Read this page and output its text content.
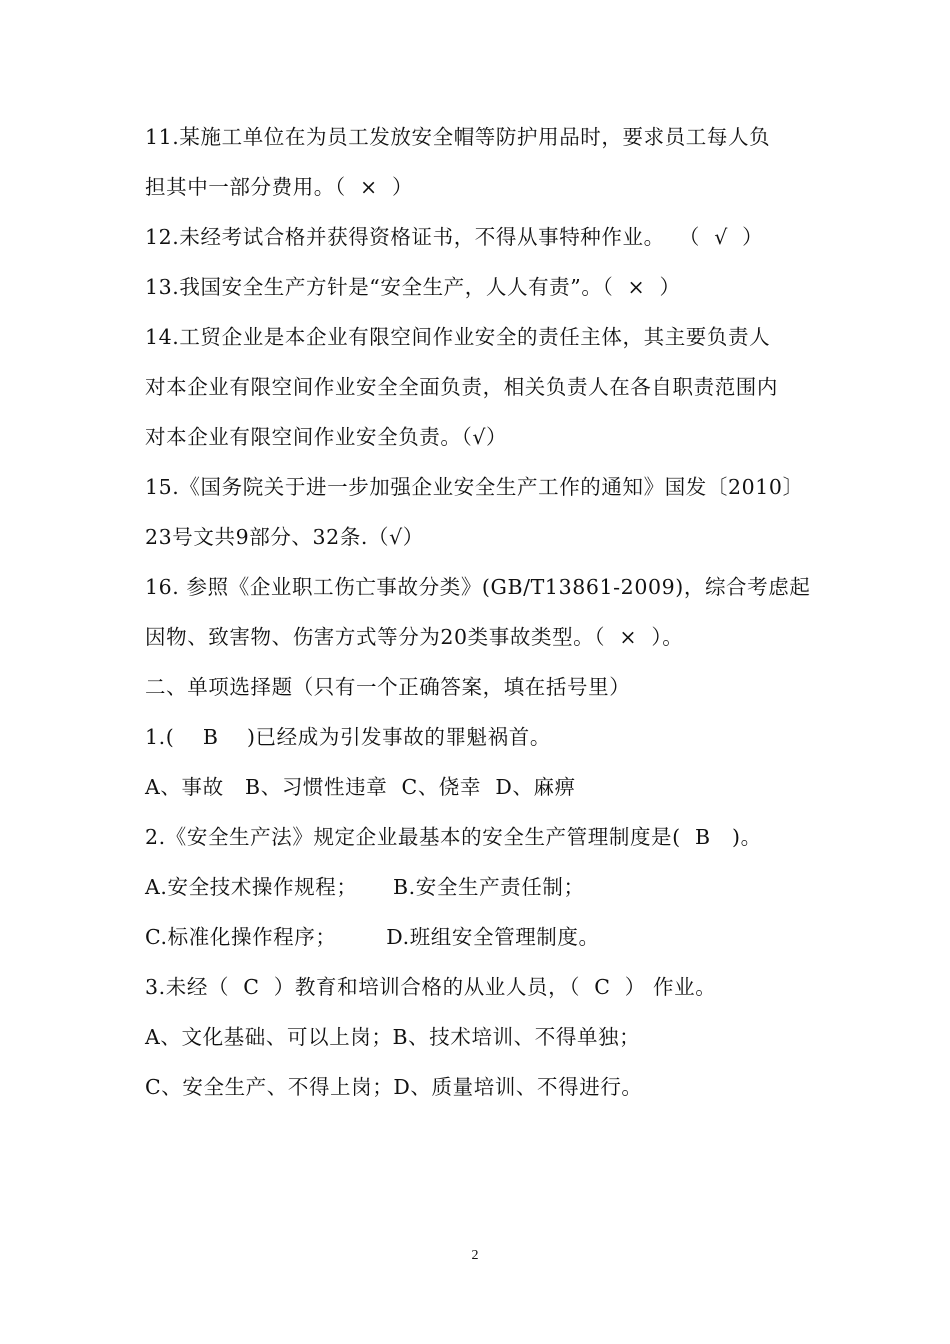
11.某施工单位在为员工发放安全帽等防护用品时，要求员工每人负
担其中一部分费用。（  ×  ）
12.未经考试合格并获得资格证书，不得从事特种作业。  （  √  ）
13.我国安全生产方针是“安全生产，人人有责”。（  ×  ）
14.工贸企业是本企业有限空间作业安全的责任主体，其主要负责人
对本企业有限空间作业安全全面负责，相关负责人在各自职责范围内
对本企业有限空间作业安全负责。（√）
15.《国务院关于进一步加强企业安全生产工作的通知》国发〔2010〕
23号文共9部分、32条.（√）
16. 参照《企业职工伤亡事故分类》(GB/T13861-2009)，综合考虑起
因物、致害物、伤害方式等分为20类事故类型。（  ×  ）。
二、单项选择题（只有一个正确答案，填在括号里）
1.(    B    )已经成为引发事故的罪魁祸首。
A、事故   B、习惯性违章  C、侥幸  D、麻痹
2.《安全生产法》规定企业最基本的安全生产管理制度是(  B   )。
A.安全技术操作规程；     B.安全生产责任制；
C.标准化操作程序；       D.班组安全管理制度。
3.未经（  C  ）教育和培训合格的从业人员，（  C  ） 作业。
A、文化基础、可以上岗；B、技术培训、不得单独；
C、安全生产、不得上岗；D、质量培训、不得进行。
2
